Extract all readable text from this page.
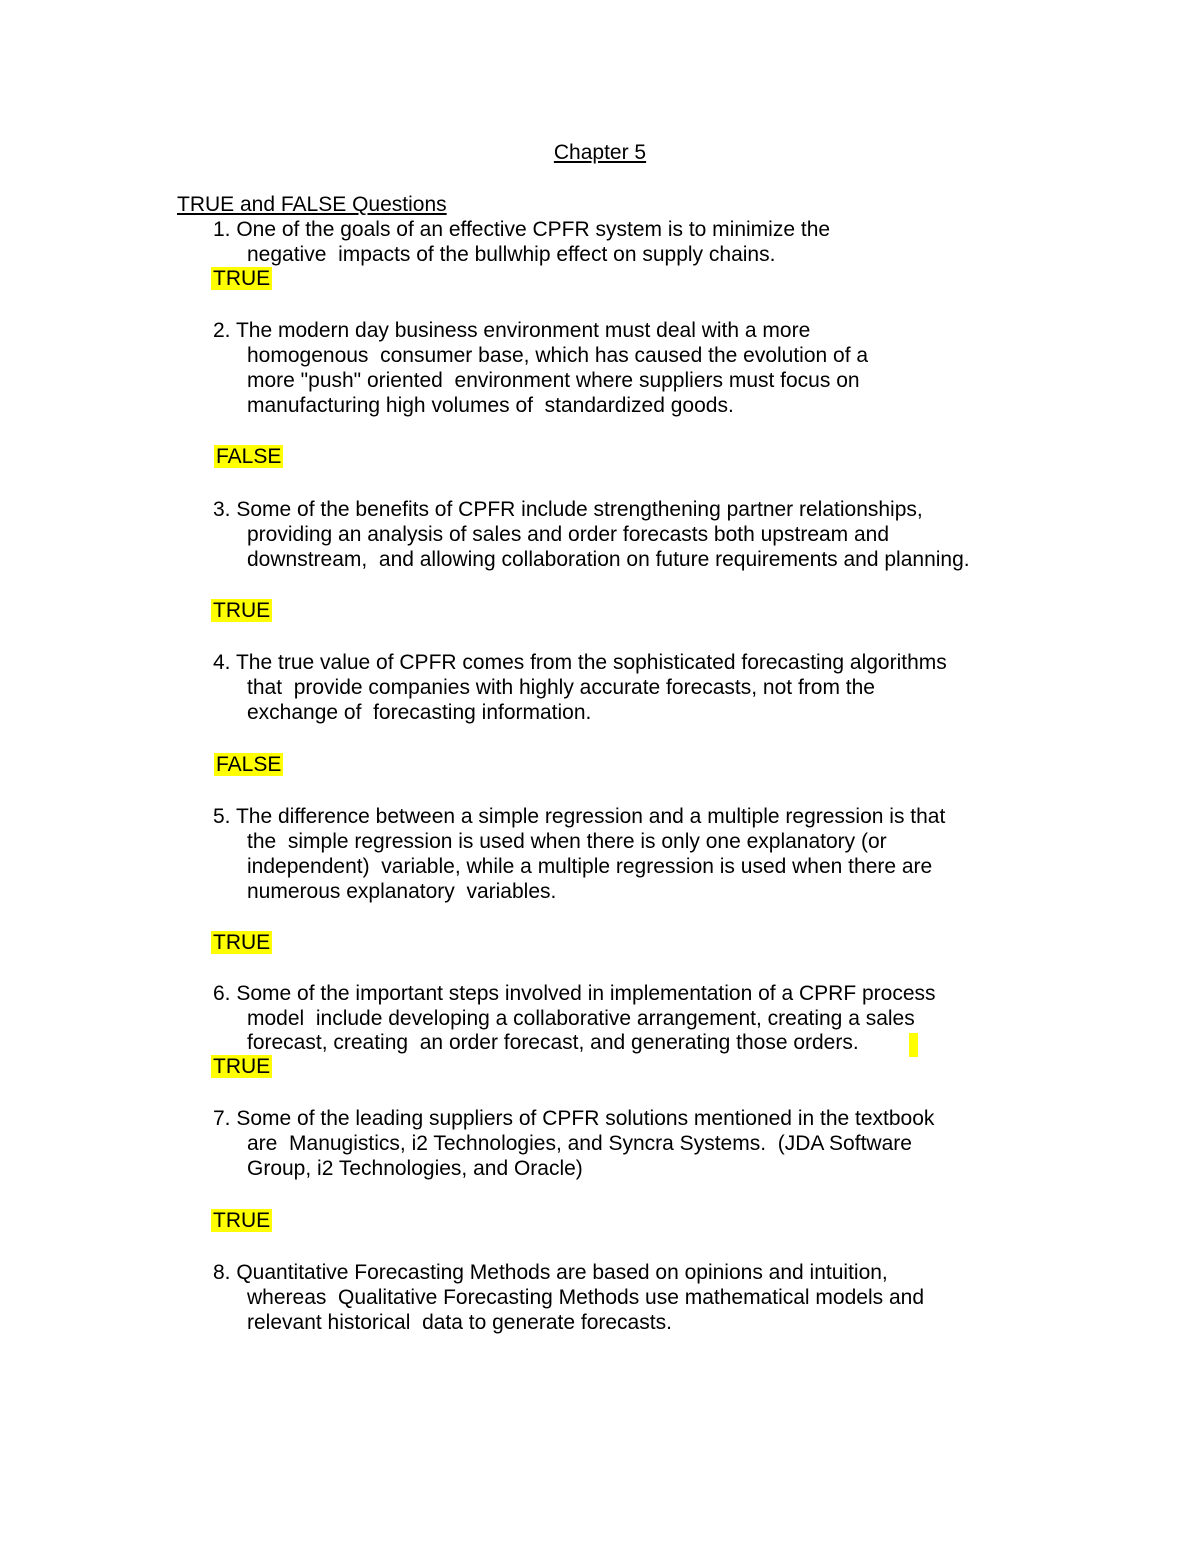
Chapter 5
TRUE and FALSE Questions
1. One of the goals of an effective CPFR system is to minimize the
negative  impacts of the bullwhip effect on supply chains.
TRUE
2. The modern day business environment must deal with a more
homogenous  consumer base, which has caused the evolution of a
more "push" oriented  environment where suppliers must focus on
manufacturing high volumes of  standardized goods.
FALSE
3. Some of the benefits of CPFR include strengthening partner relationships,
providing an analysis of sales and order forecasts both upstream and
downstream,  and allowing collaboration on future requirements and planning.
TRUE
4. The true value of CPFR comes from the sophisticated forecasting algorithms
that  provide companies with highly accurate forecasts, not from the
exchange of  forecasting information.
FALSE
5. The difference between a simple regression and a multiple regression is that
the  simple regression is used when there is only one explanatory (or
independent)  variable, while a multiple regression is used when there are
numerous explanatory  variables.
TRUE
6. Some of the important steps involved in implementation of a CPRF process
model  include developing a collaborative arrangement, creating a sales
forecast, creating  an order forecast, and generating those orders.
TRUE
7. Some of the leading suppliers of CPFR solutions mentioned in the textbook
are  Manugistics, i2 Technologies, and Syncra Systems.  (JDA Software
Group, i2 Technologies, and Oracle)
TRUE
8. Quantitative Forecasting Methods are based on opinions and intuition,
whereas  Qualitative Forecasting Methods use mathematical models and
relevant historical  data to generate forecasts.
